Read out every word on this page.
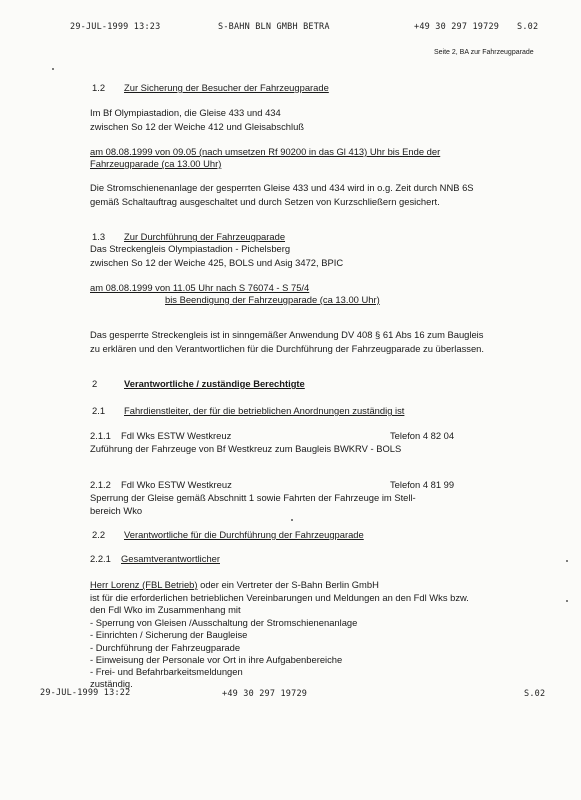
29-JUL-1999 13:23	S-BAHN BLN GMBH BETRA	+49 30 297 19729 S.02
Seite 2, BA zur Fahrzeugparade
1.2 Zur Sicherung der Besucher der Fahrzeugparade
Im Bf Olympiastadion, die Gleise 433 und 434
zwischen So 12 der Weiche 412 und Gleisabschluß
am 08.08.1999 von 09.05 (nach umsetzen Rf 90200 in das Gl 413) Uhr bis Ende der
Fahrzeugparade (ca 13.00 Uhr)
Die Stromschienenanlage der gesperrten Gleise 433 und 434 wird in o.g. Zeit durch NNB 6S
gemäß Schaltauftrag ausgeschaltet und durch Setzen von Kurzschließern gesichert.
1.3 Zur Durchführung der Fahrzeugparade
Das Streckengleis Olympiastadion - Pichelsberg
zwischen So 12 der Weiche 425, BOLS und Asig 3472, BPIC
am 08.08.1999 von 11.05 Uhr nach S 76074 - S 75/4
bis Beendigung der Fahrzeugparade (ca 13.00 Uhr)
Das gesperrte Streckengleis ist in sinngemäßer Anwendung DV 408 § 61 Abs 16 zum Baugleis
zu erklären und den Verantwortlichen für die Durchführung der Fahrzeugparade zu überlassen.
2	Verantwortliche / zuständige Berechtigte
2.1 Fahrdienstleiter, der für die betrieblichen Anordnungen zuständig ist
2.1.1 Fdl Wks ESTW Westkreuz	Telefon 4 82 04
Zuführung der Fahrzeuge von Bf Westkreuz zum Baugleis BWKRV - BOLS
2.1.2 Fdl Wko ESTW Westkreuz	Telefon 4 81 99
Sperrung der Gleise gemäß Abschnitt 1 sowie Fahrten der Fahrzeuge im Stell-
bereich Wko
2.2 Verantwortliche für die Durchführung der Fahrzeugparade
2.2.1 Gesamtverantwortlicher
Herr Lorenz (FBL Betrieb) oder ein Vertreter der S-Bahn Berlin GmbH
ist für die erforderlichen betrieblichen Vereinbarungen und Meldungen an den Fdl Wks bzw.
den Fdl Wko im Zusammenhang mit
- Sperrung von Gleisen /Ausschaltung der Stromschienenanlage
- Einrichten / Sicherung der Baugleise
- Durchführung der Fahrzeugparade
- Einweisung der Personale vor Ort in ihre Aufgabenbereiche
- Frei- und Befahrbarkeitsmeldungen
zuständig.
29-JUL-1999 13:22	+49 30 297 19729	S.02
